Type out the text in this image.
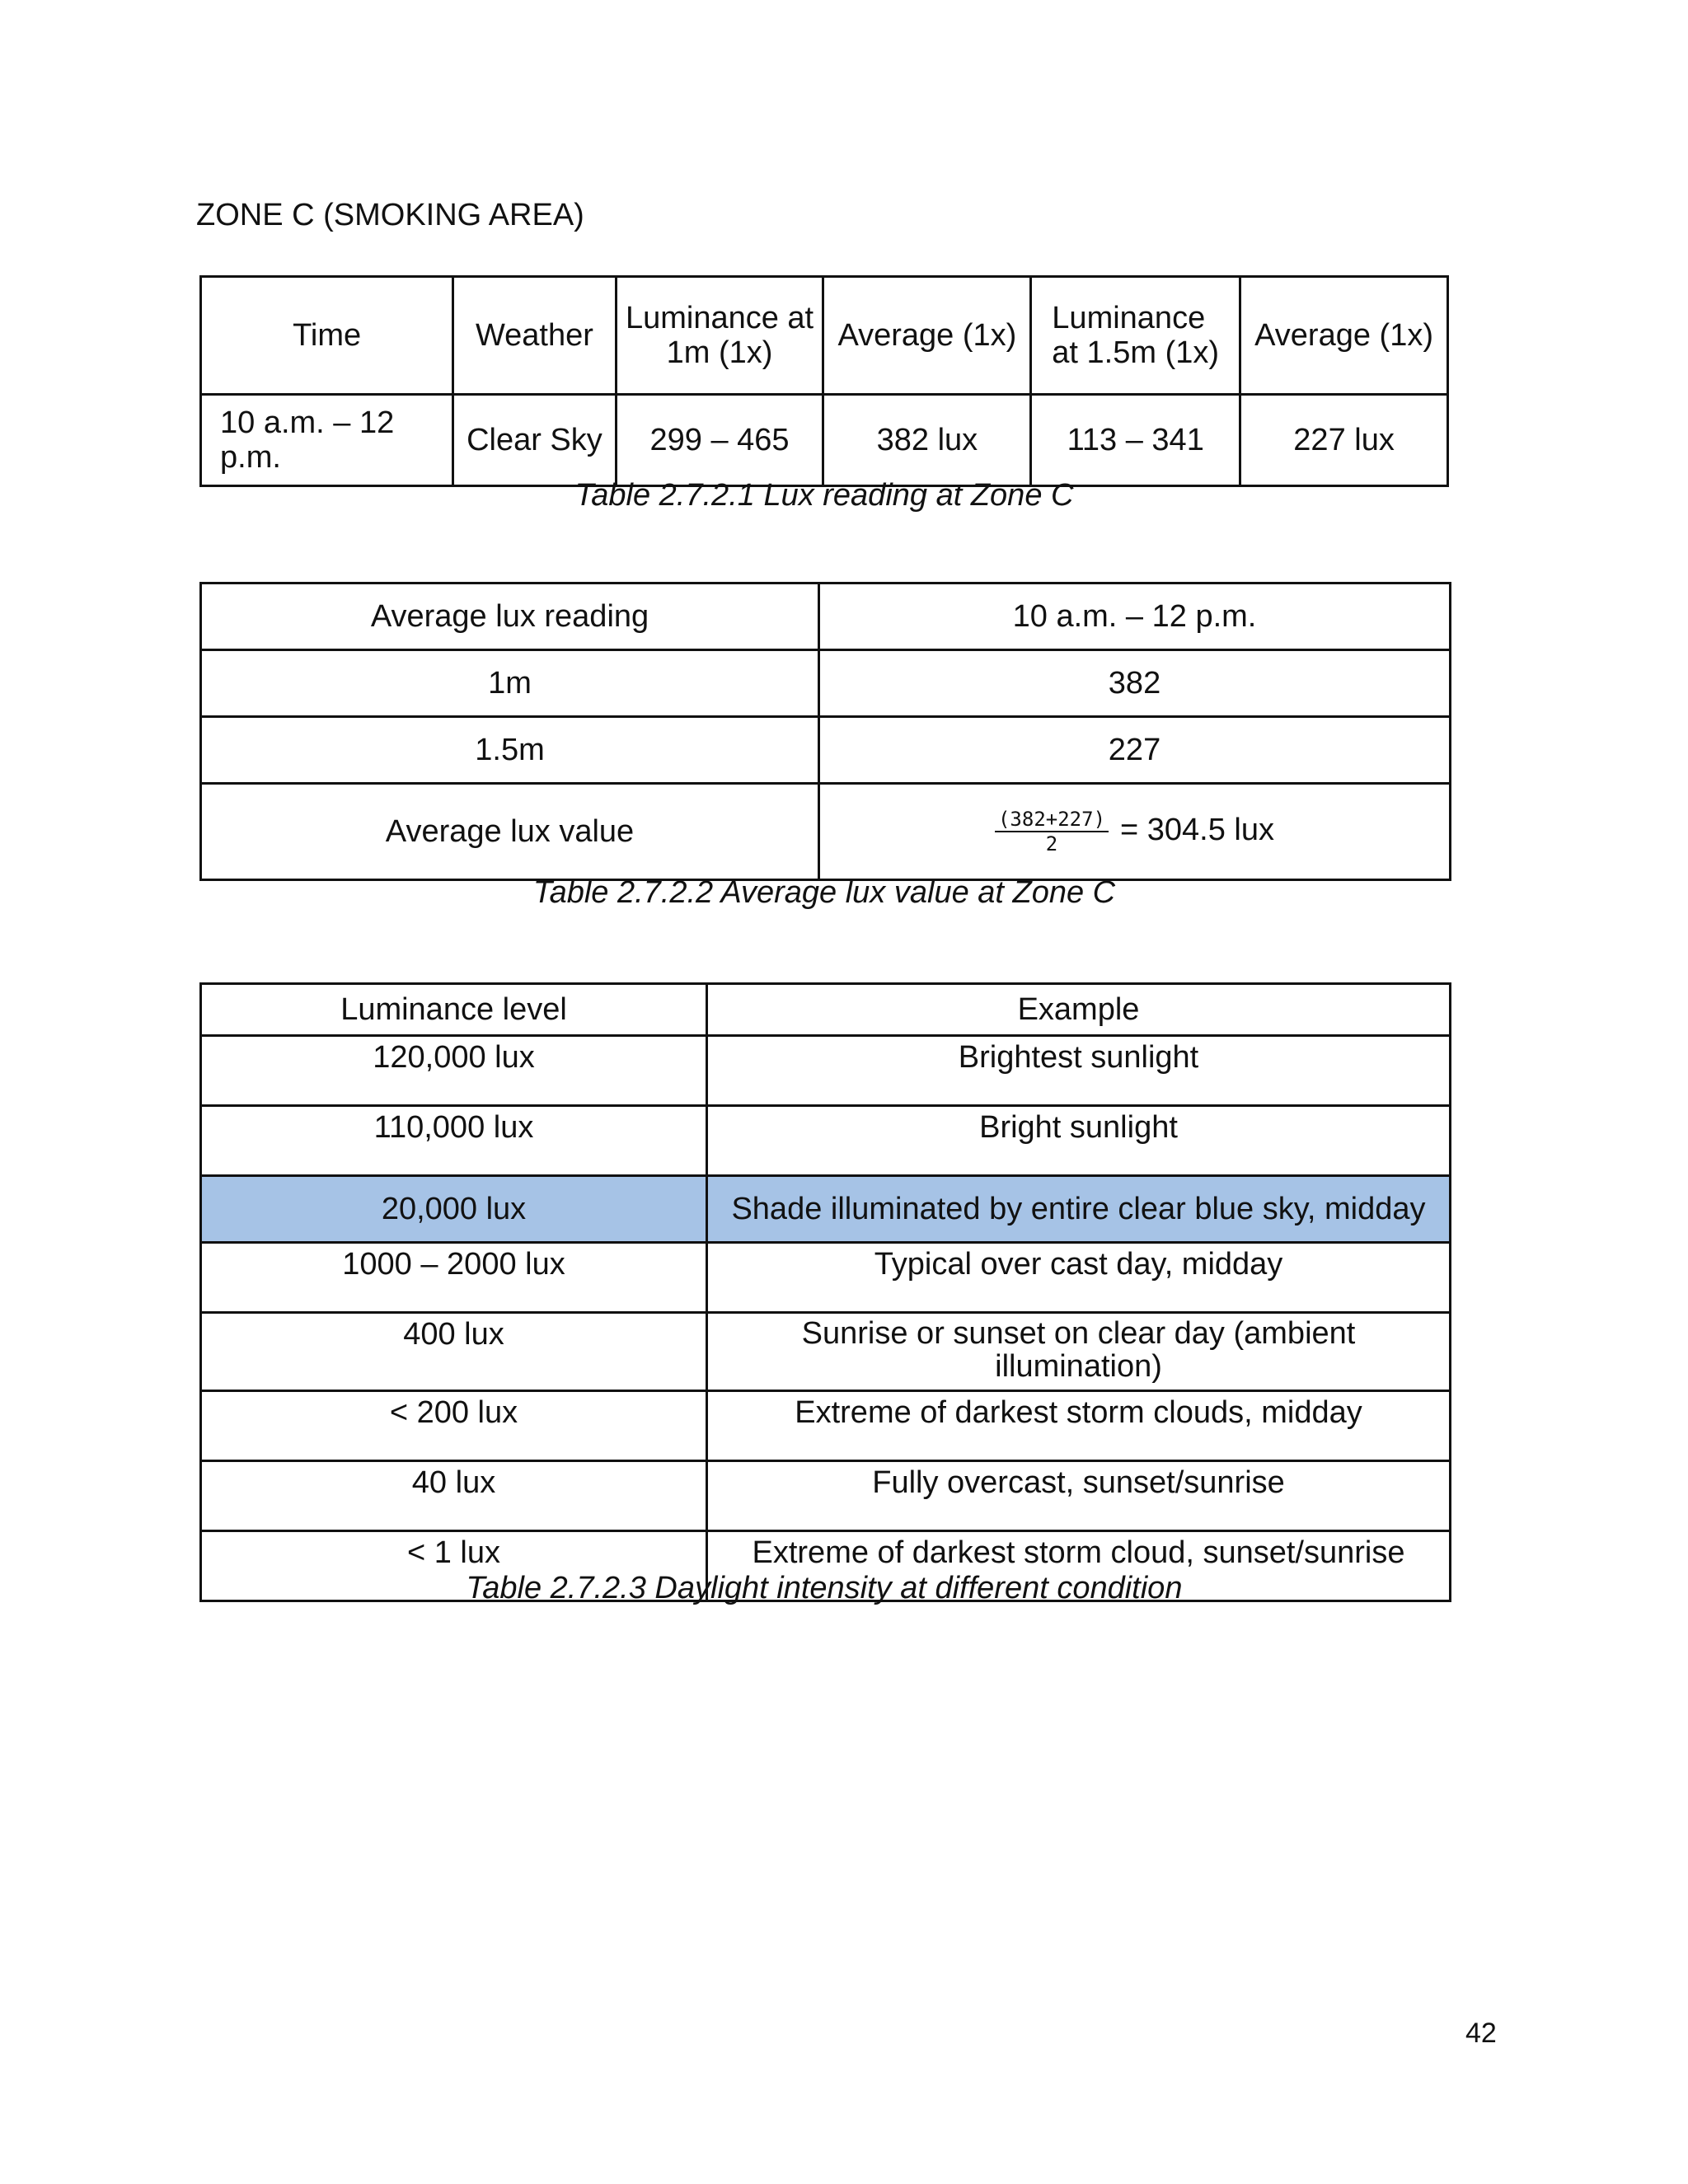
ZONE C (SMOKING AREA)
Time	Weather	Luminance at 1m (1x)	Average (1x)	Luminance at 1.5m (1x)	Average (1x)
10 a.m. – 12 p.m.	Clear Sky	299 – 465	382 lux	113 – 341	227 lux
Table 2.7.2.1 Lux reading at Zone C
Average lux reading	10 a.m. – 12 p.m.
1m	382
1.5m	227
Average lux value	$\frac{(382+227)}{2} = 304.5$ lux
Table 2.7.2.2 Average lux value at Zone C
Luminance level	Example
120,000 lux	Brightest sunlight
110,000 lux	Bright sunlight
20,000 lux	Shade illuminated by entire clear blue sky, midday
1000 – 2000 lux	Typical over cast day, midday
400 lux	Sunrise or sunset on clear day (ambient illumination)
< 200 lux	Extreme of darkest storm clouds, midday
40 lux	Fully overcast, sunset/sunrise
< 1 lux	Extreme of darkest storm cloud, sunset/sunrise
Table 2.7.2.3 Daylight intensity at different condition
42
